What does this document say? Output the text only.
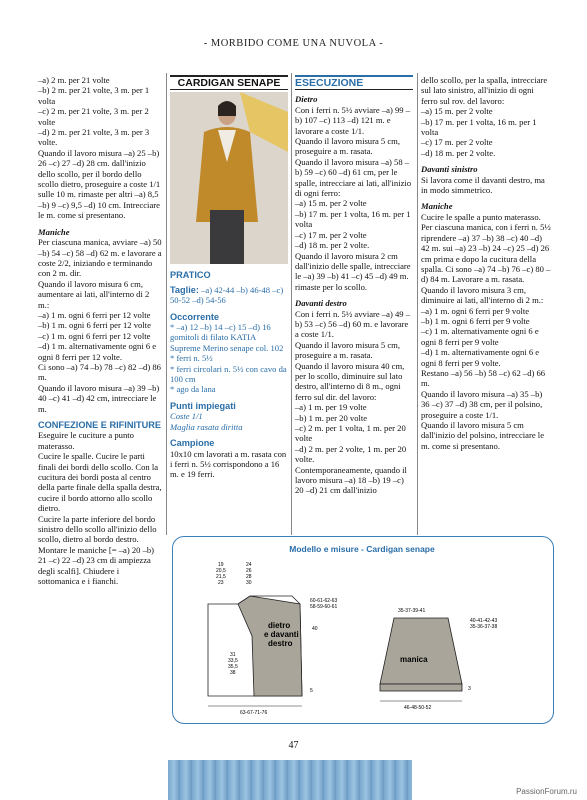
- MORBIDO COME UNA NUVOLA -

–a) 2 m. per 21 volte

–b) 2 m. per 21 volte, 3 m. per 1 volta

–c) 2 m. per 21 volte, 3 m. per 2 volte

–d) 2 m. per 21 volte, 3 m. per 3 volte.

Quando il lavoro misura –a) 25 –b) 26 –c) 27 –d) 28 cm. dall'inizio dello scollo, per il bordo dello scollo dietro, proseguire a coste 1/1 sulle 10 m. rimaste per altri –a) 8,5 –b) 9 –c) 9,5 –d) 10 cm. Intrecciare le m. come si presentano.

Maniche

Per ciascuna manica, avviare –a) 50 –b) 54 –c) 58 –d) 62 m. e lavorare a coste 2/2, iniziando e terminando con 2 m. dir.

Quando il lavoro misura 6 cm, aumentare ai lati, all'interno di 2 m.:

–a) 1 m. ogni 6 ferri per 12 volte

–b) 1 m. ogni 6 ferri per 12 volte

–c) 1 m. ogni 6 ferri per 12 volte

–d) 1 m. alternativamente ogni 6 e ogni 8 ferri per 12 volte.

Ci sono –a) 74 –b) 78 –c) 82 –d) 86 m.

Quando il lavoro misura –a) 39 –b) 40 –c) 41 –d) 42 cm, intrecciare le m.

CONFEZIONE E RIFINITURE

Eseguire le cuciture a punto materasso.

Cucire le spalle. Cucire le parti finali dei bordi dello scollo. Con la cucitura dei bordi posta al centro della parte finale della spalla destra, cucire il bordo attorno allo scollo dietro.

Cucire la parte inferiore del bordo sinistro dello scollo all'inizio dello scollo, dietro al bordo destro.

Montare le maniche [= –a) 20 –b) 21 –c) 22 –d) 23 cm di ampiezza degli scalfi]. Chiudere i sottomanica e i fianchi.

CARDIGAN SENAPE

PRATICO

Taglie: –a) 42-44 –b) 46-48 –c) 50-52 –d) 54-56

Occorrente

* –a) 12 –b) 14 –c) 15 –d) 16 gomitoli di filato KATIA Supreme Merino senape col. 102

* ferri n. 5½

* ferri circolari n. 5½ con cavo da 100 cm

* ago da lana

Punti impiegati

Coste 1/1

Maglia rasata diritta

Campione

10x10 cm lavorati a m. rasata con i ferri n. 5½ corrispondono a 16 m. e 19 ferri.

ESECUZIONE

Dietro

Con i ferri n. 5½ avviare –a) 99 –b) 107 –c) 113 –d) 121 m. e lavorare a coste 1/1.

Quando il lavoro misura 5 cm, proseguire a m. rasata.

Quando il lavoro misura –a) 58 –b) 59 –c) 60 –d) 61 cm, per le spalle, intrecciare ai lati, all'inizio di ogni ferro:

–a) 15 m. per 2 volte

–b) 17 m. per 1 volta, 16 m. per 1 volta

–c) 17 m. per 2 volte

–d) 18 m. per 2 volte.

Quando il lavoro misura 2 cm dall'inizio delle spalle, intrecciare le –a) 39 –b) 41 –c) 45 –d) 49 m. rimaste per lo scollo.

Davanti destro

Con i ferri n. 5½ avviare –a) 49 –b) 53 –c) 56 –d) 60 m. e lavorare a coste 1/1.

Quando il lavoro misura 5 cm, proseguire a m. rasata.

Quando il lavoro misura 40 cm, per lo scollo, diminuire sul lato destro, all'interno di 8 m., ogni ferro sul dir. del lavoro:

–a) 1 m. per 19 volte

–b) 1 m. per 20 volte

–c) 2 m. per 1 volta, 1 m. per 20 volte

–d) 2 m. per 2 volte, 1 m. per 20 volte.

Contemporaneamente, quando il lavoro misura –a) 18 –b) 19 –c) 20 –d) 21 cm dall'inizio

dello scollo, per la spalla, intrecciare sul lato sinistro, all'inizio di ogni ferro sul rov. del lavoro:

–a) 15 m. per 2 volte

–b) 17 m. per 1 volta, 16 m. per 1 volta

–c) 17 m. per 2 volte

–d) 18 m. per 2 volte.

Davanti sinistro

Si lavora come il davanti destro, ma in modo simmetrico.

Maniche

Cucire le spalle a punto materasso.

Per ciascuna manica, con i ferri n. 5½ riprendere –a) 37 –b) 38 –c) 40 –d) 42 m. sui –a) 23 –b) 24 –c) 25 –d) 26 cm prima e dopo la cucitura della spalla. Ci sono –a) 74 –b) 76 –c) 80 –d) 84 m. Lavorare a m. rasata.

Quando il lavoro misura 3 cm, diminuire ai lati, all'interno di 2 m.:

–a) 1 m. ogni 6 ferri per 9 volte

–b) 1 m. ogni 6 ferri per 9 volte

–c) 1 m. alternativamente ogni 6 e ogni 8 ferri per 9 volte

–d) 1 m. alternativamente ogni 6 e ogni 8 ferri per 9 volte.

Restano –a) 56 –b) 58 –c) 62 –d) 66 m.

Quando il lavoro misura –a) 35 –b) 36 –c) 37 –d) 38 cm, per il polsino, proseguire a coste 1/1.

Quando il lavoro misura 5 cm dall'inizio del polsino, intrecciare le m. come si presentano.

Modello e misure - Cardigan senape
dietro
e davanti
destro
19
20,5
21,5
23
24
26
28
30
60-61-62-63
58-59-60-61
40
5
31
33,5
35,5
38
63-67-71-76
manica
35-37-39-41
40-41-42-43
35-36-37-38
3
46-48-50-52
47
PassionForum.ru
